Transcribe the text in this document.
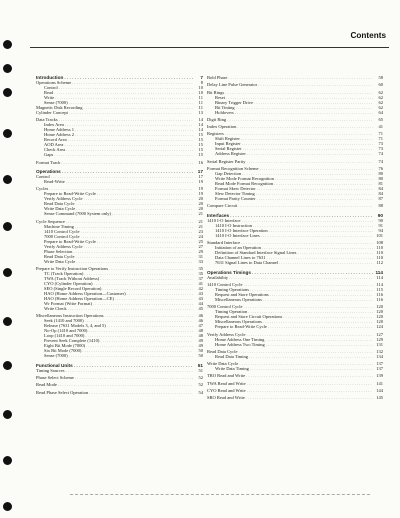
Contents
Introduction . . .	7
Operations Scheme . . .	8
Control . . .	10
Read . . .	10
Write . . .	11
Sense (7000) . . .	11
Magnetic Disk Recording . . .	11
Cylinder Concept . . .	13
Data Tracks . . .	14
Index Area . . .	14
Home Address 1 . . .	14
Home Address 2 . . .	15
Record Area . . .	15
AOD Area . . .	15
Check Area . . .	15
Gaps . . .	15
Format Track . . .	16
Operations . . .	17
Control . . .	17
Read-Write . . .	19
Cycles . . .	19
Prepare to Read-Write Cycle . . .	19
Verify Address Cycle . . .	20
Read Data Cycle . . .	20
Write Data Cycle . . .	20
Sense Command (7000 System only) . . .	21
Cycle Sequence . . .	21
Machine Timing . . .	21
1410 Control Cycle . . .	23
7000 Control Cycle . . .	24
Prepare to Read-Write Cycle . . .	25
Verify Address Cycle . . .	27
Phase Selection . . .	29
Read Data Cycle . . .	31
Write Data Cycle . . .	33
Prepare to Verify Instruction Operations . . .	35
TC (Track Operation) . . .	35
TWA (Track Without Address) . . .	37
CYO (Cylinder Operation) . . .	41
SEO (Single Record Operation) . . .	42
HAO (Home Address Operation—Customer) . . .	43
HAO (Home Address Operation—CE) . . .	43
Wr Format (Write Format) . . .	44
Write Check . . .	45
Miscellaneous Instruction Operations . . .	46
Seek (1410 and 7000) . . .	46
Release (7631 Models 3, 4, and 5) . . .	47
No-Op (1410 and 7000) . . .	48
Loop (1410 and 7000) . . .	48
Prevent Seek Complete (1410) . . .	49
Eight Bit Mode (7000) . . .	49
Six Bit Mode (7000) . . .	50
Sense (7000) . . .	50
Functional Units . . .	51
Timing Sources . . .	51
Phase Select Scheme . . .	52
Read Mode . . .	52
Read Phase Select Operation . . .	54
Bold Phase . . .	58
Delay Line Pulse Generator . . .	60
Bit Rings . . .	62
Reset . . .	62
Binary Trigger Drive . . .	62
Bit Tinting . . .	62
Holdovers . . .	64
Digit Ring . . .	65
Index Operation . . .	41
Registers . . .	71
Shift Register . . .	71
Input Register . . .	73
Serial Register . . .	73
Address Register . . .	74
Serial Register Parity . . .	74
Format Recognition Scheme . . .	76
Gap Detection . . .	80
Write Mode Format Recognition . . .	80
Read Mode Format Recognition . . .	81
Format Skew Detector . . .	84
Slew Detector Timing . . .	84
Format Parity Counter . . .	87
Compare Circuit . . .	88
Interfaces . . .	90
1410 I-O Interface . . .	90
1410 I-O Instruction . . .	91
1410 I-O Interface Operation . . .	94
1410 I-O Interface Lines . . .	101
Standard Interface . . .	108
Initiation of an Operation . . .	110
Definition of Standard Interface Signal Lines . . .	110
Data Channel Lines to 7631 . . .	110
7631 Signal Lines to Data Channel . . .	112
Operations Timings . . .	114
Availability . . .	114
1410 Control Cycle . . .	114
Timing Operations . . .	115
Request and Store Operations . . .	116
Miscellaneous Operations . . .	116
7000 Control Cycle . . .	120
Timing Operation . . .	120
Request and Store Circuit Operations . . .	120
Miscellaneous Operations . . .	120
Prepare to Read-Write Cycle . . .	124
Verify Address Cycle . . .	127
Home Address One Timing . . .	129
Home Address Two Timing . . .	131
Read Data Cycle . . .	132
Read Data Timing . . .	134
Write Data Cycle . . .	137
Write Data Timing . . .	137
TRO Read and Write . . .	139
TWA Read and Write . . .	141
CYO Read and Write . . .	144
SRO Read and Write . . .	145
